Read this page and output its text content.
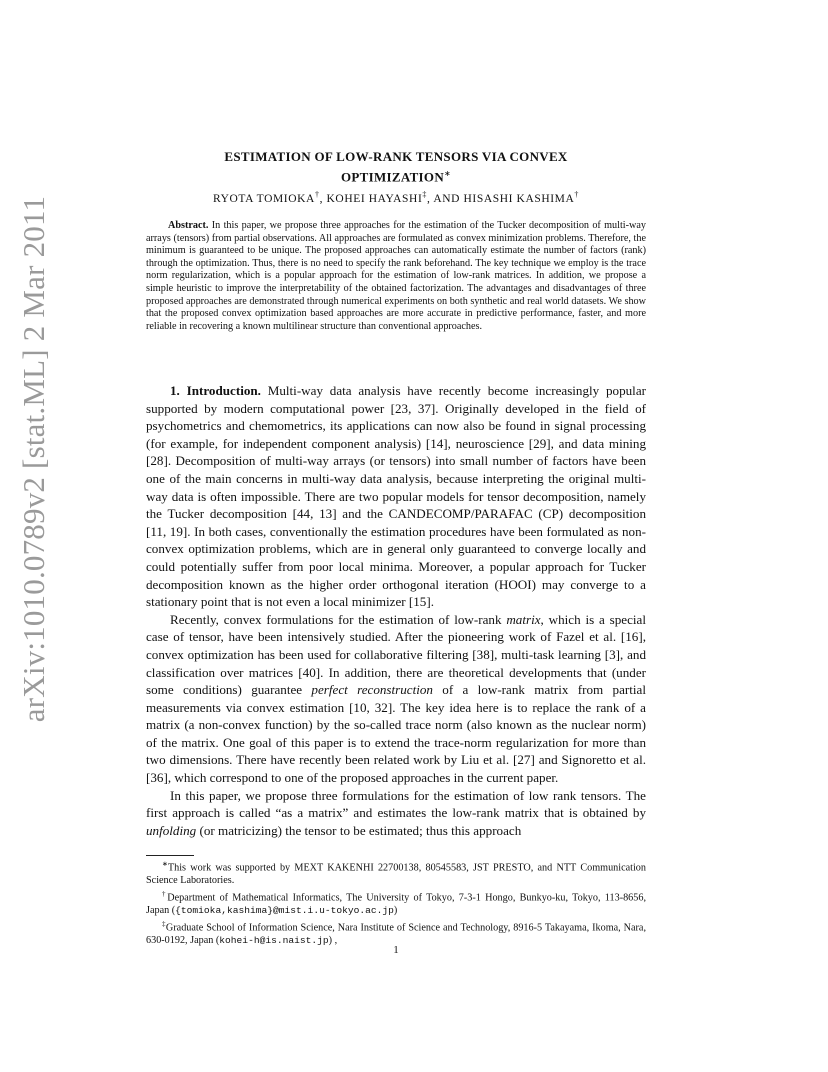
arXiv:1010.0789v2 [stat.ML] 2 Mar 2011
ESTIMATION OF LOW-RANK TENSORS VIA CONVEX
OPTIMIZATION∗
RYOTA TOMIOKA†, KOHEI HAYASHI‡, AND HISASHI KASHIMA†

Abstract. In this paper, we propose three approaches for the estimation of the Tucker decomposition of multi-way arrays (tensors) from partial observations. All approaches are formulated as convex minimization problems. Therefore, the minimum is guaranteed to be unique. The proposed approaches can automatically estimate the number of factors (rank) through the optimization. Thus, there is no need to specify the rank beforehand. The key technique we employ is the trace norm regularization, which is a popular approach for the estimation of low-rank matrices. In addition, we propose a simple heuristic to improve the interpretability of the obtained factorization. The advantages and disadvantages of three proposed approaches are demonstrated through numerical experiments on both synthetic and real world datasets. We show that the proposed convex optimization based approaches are more accurate in predictive performance, faster, and more reliable in recovering a known multilinear structure than conventional approaches.

1. Introduction. Multi-way data analysis have recently become increasingly popular supported by modern computational power [23, 37]. Originally developed in the field of psychometrics and chemometrics, its applications can now also be found in signal processing (for example, for independent component analysis) [14], neuroscience [29], and data mining [28]. Decomposition of multi-way arrays (or tensors) into small number of factors have been one of the main concerns in multi-way data analysis, because interpreting the original multi-way data is often impossible. There are two popular models for tensor decomposition, namely the Tucker decomposition [44, 13] and the CANDECOMP/PARAFAC (CP) decomposition [11, 19]. In both cases, conventionally the estimation procedures have been formulated as non-convex optimization problems, which are in general only guaranteed to converge locally and could potentially suffer from poor local minima. Moreover, a popular approach for Tucker decomposition known as the higher order orthogonal iteration (HOOI) may converge to a stationary point that is not even a local minimizer [15].

Recently, convex formulations for the estimation of low-rank matrix, which is a special case of tensor, have been intensively studied. After the pioneering work of Fazel et al. [16], convex optimization has been used for collaborative filtering [38], multi-task learning [3], and classification over matrices [40]. In addition, there are theoretical developments that (under some conditions) guarantee perfect reconstruction of a low-rank matrix from partial measurements via convex estimation [10, 32]. The key idea here is to replace the rank of a matrix (a non-convex function) by the so-called trace norm (also known as the nuclear norm) of the matrix. One goal of this paper is to extend the trace-norm regularization for more than two dimensions. There have recently been related work by Liu et al. [27] and Signoretto et al. [36], which correspond to one of the proposed approaches in the current paper.

In this paper, we propose three formulations for the estimation of low rank tensors. The first approach is called “as a matrix” and estimates the low-rank matrix that is obtained by unfolding (or matricizing) the tensor to be estimated; thus this approach

∗This work was supported by MEXT KAKENHI 22700138, 80545583, JST PRESTO, and NTT Communication Science Laboratories.

†Department of Mathematical Informatics, The University of Tokyo, 7-3-1 Hongo, Bunkyo-ku, Tokyo, 113-8656, Japan ({tomioka,kashima}@mist.i.u-tokyo.ac.jp)

‡Graduate School of Information Science, Nara Institute of Science and Technology, 8916-5 Takayama, Ikoma, Nara, 630-0192, Japan (kohei-h@is.naist.jp) ,

1
